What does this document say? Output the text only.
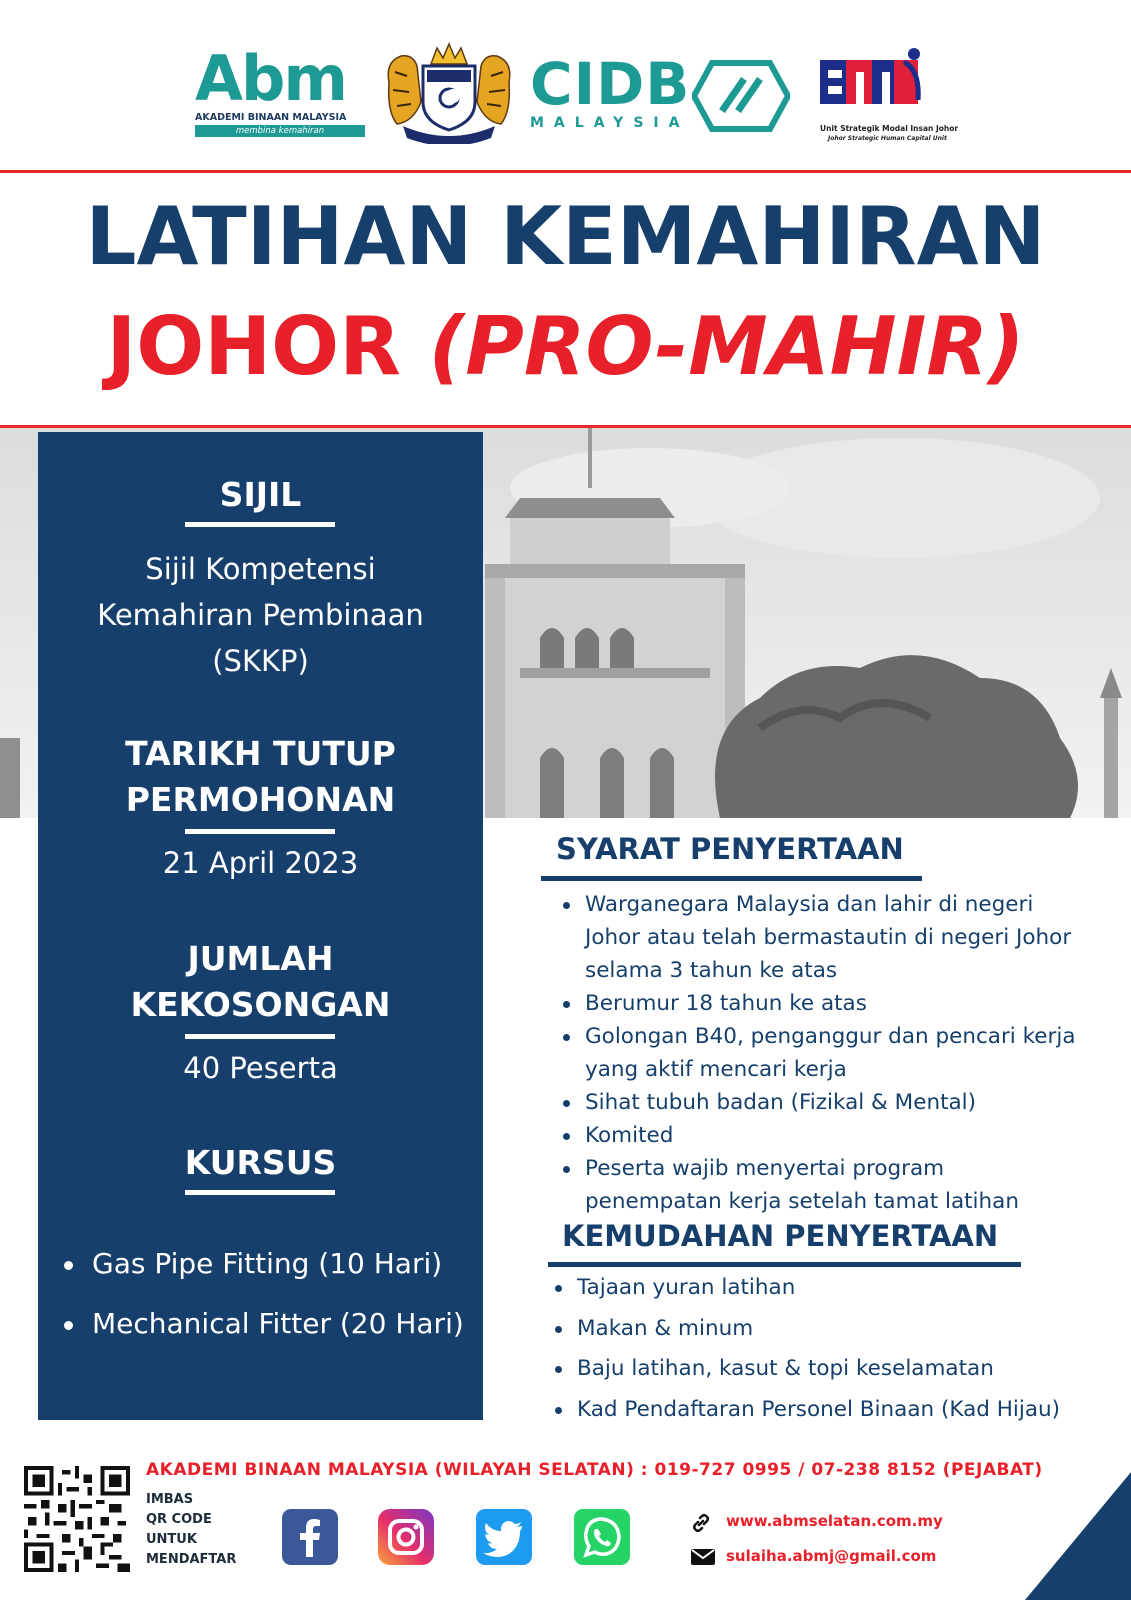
Abm
AKADEMI BINAAN MALAYSIA
membina kemahiran
CIDB
MALAYSIA	Unit Strategik Modal Insan Johor
Johor Strategic Human Capital Unit
LATIHAN KEMAHIRAN
JOHOR (PRO-MAHIR)
SIJIL
Sijil Kompetensi
Kemahiran Pembinaan
(SKKP)
TARIKH TUTUP
PERMOHONAN
21 April 2023
JUMLAH
KEKOSONGAN
40 Peserta
KURSUS
Gas Pipe Fitting (10 Hari)
Mechanical Fitter (20 Hari)
SYARAT PENYERTAAN
Warganegara Malaysia dan lahir di negeri Johor atau telah bermastautin di negeri Johor selama 3 tahun ke atas
Berumur 18 tahun ke atas
Golongan B40, penganggur dan pencari kerja yang aktif mencari kerja
Sihat tubuh badan (Fizikal & Mental)
Komited
Peserta wajib menyertai program penempatan kerja setelah tamat latihan
KEMUDAHAN PENYERTAAN
Tajaan yuran latihan
Makan & minum
Baju latihan, kasut & topi keselamatan
Kad Pendaftaran Personel Binaan (Kad Hijau)
AKADEMI BINAAN MALAYSIA (WILAYAH SELATAN) : 019-727 0995 / 07-238 8152 (PEJABAT)
IMBAS
QR CODE
UNTUK
MENDAFTAR
www.abmselatan.com.my
sulaiha.abmj@gmail.com
